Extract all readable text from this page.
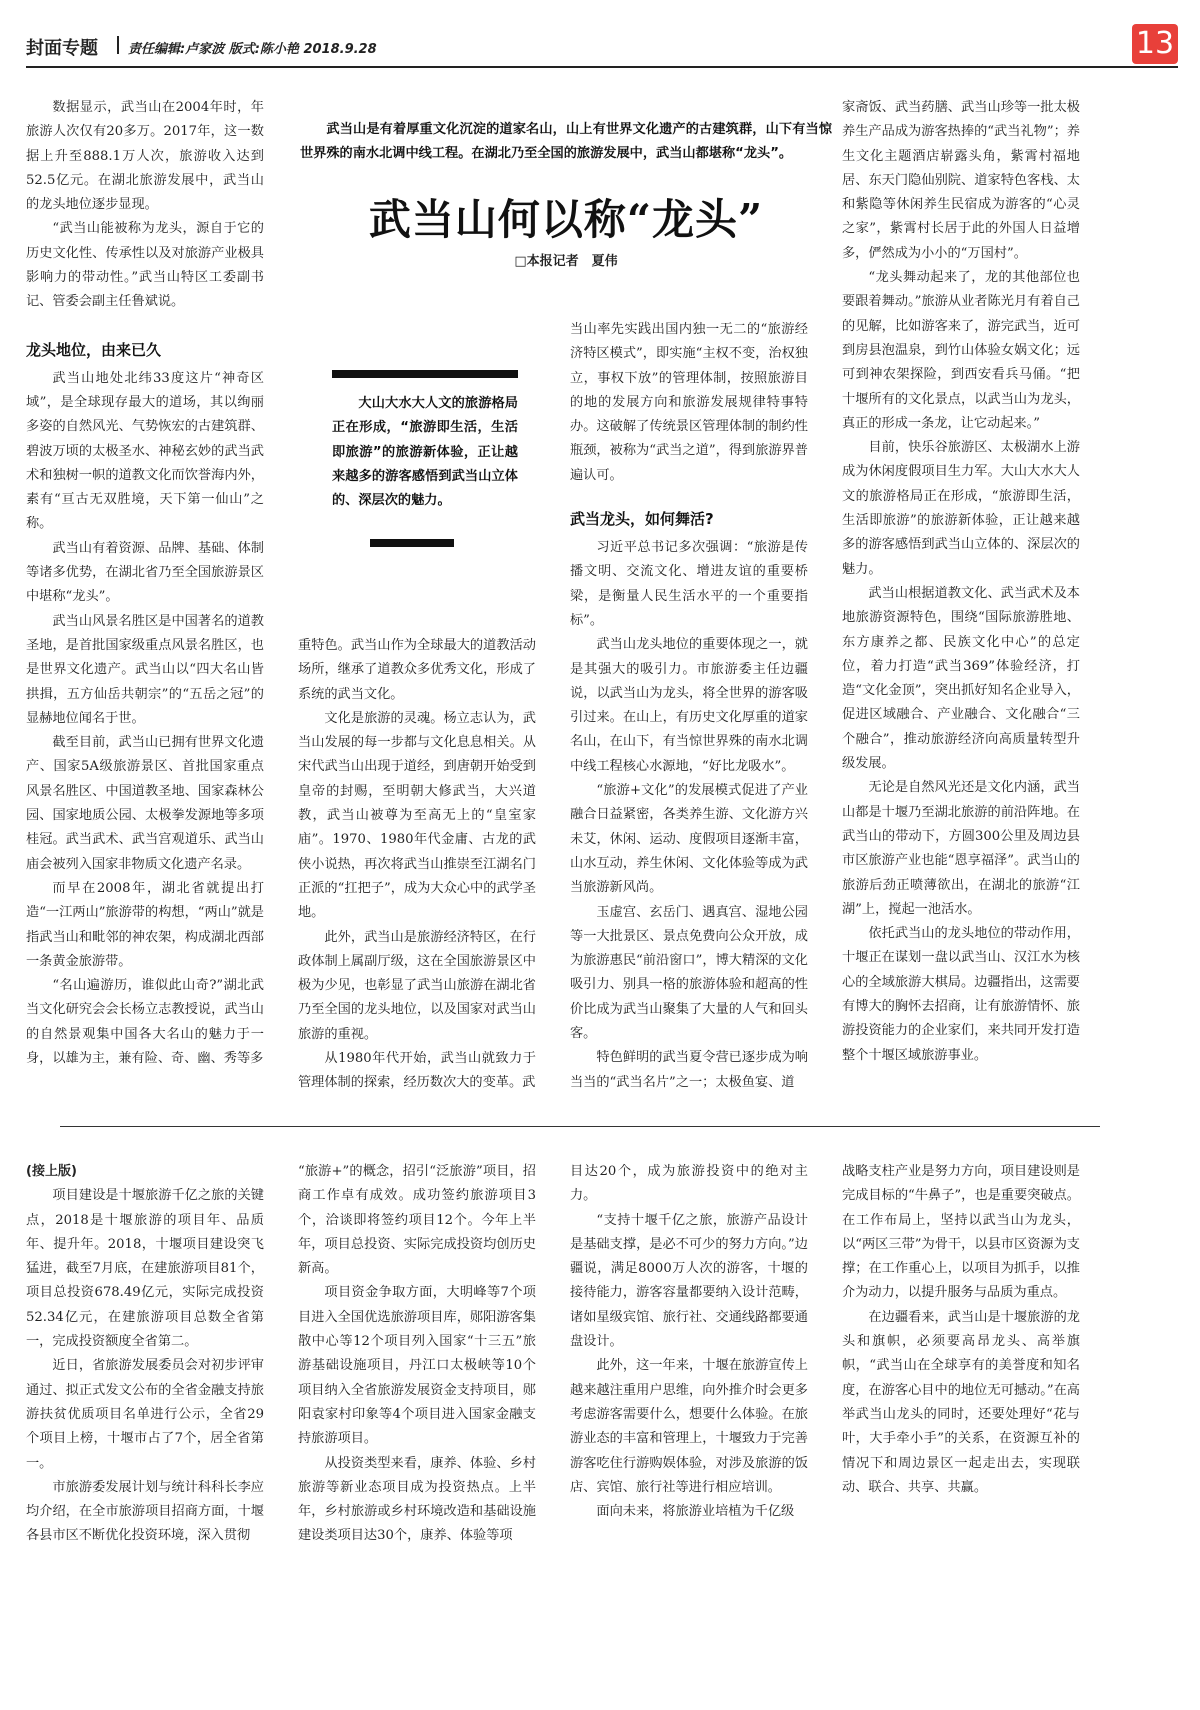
封面专题 责任编辑:卢家波 版式:陈小艳 2018.9.28	13

数据显示，武当山在2004年时，年旅游人次仅有20多万。2017年，这一数据上升至888.1万人次，旅游收入达到52.5亿元。在湖北旅游发展中，武当山的龙头地位逐步显现。

“武当山能被称为龙头，源自于它的历史文化性、传承性以及对旅游产业极具影响力的带动性。”武当山特区工委副书记、管委会副主任鲁斌说。

龙头地位，由来已久

武当山地处北纬33度这片“神奇区域”，是全球现存最大的道场，其以绚丽多姿的自然风光、气势恢宏的古建筑群、碧波万顷的太极圣水、神秘玄妙的武当武术和独树一帜的道教文化而饮誉海内外，素有“亘古无双胜境，天下第一仙山”之称。

武当山有着资源、品牌、基础、体制等诸多优势，在湖北省乃至全国旅游景区中堪称“龙头”。

武当山风景名胜区是中国著名的道教圣地，是首批国家级重点风景名胜区，也是世界文化遗产。武当山以“四大名山皆拱揖，五方仙岳共朝宗”的“五岳之冠”的显赫地位闻名于世。

截至目前，武当山已拥有世界文化遗产、国家5A级旅游景区、首批国家重点风景名胜区、中国道教圣地、国家森林公园、国家地质公园、太极拳发源地等多项桂冠。武当武术、武当宫观道乐、武当山庙会被列入国家非物质文化遗产名录。

而早在2008年，湖北省就提出打造“一江两山”旅游带的构想，“两山”就是指武当山和毗邻的神农架，构成湖北西部一条黄金旅游带。

“名山遍游历，谁似此山奇?”湖北武当文化研究会会长杨立志教授说，武当山的自然景观集中国各大名山的魅力于一身，以雄为主，兼有险、奇、幽、秀等多

武当山是有着厚重文化沉淀的道家名山，山上有世界文化遗产的古建筑群，山下有当惊世界殊的南水北调中线工程。在湖北乃至全国的旅游发展中，武当山都堪称“龙头”。

武当山何以称“龙头”
□本报记者　夏伟

大山大水大人文的旅游格局正在形成，“旅游即生活，生活即旅游”的旅游新体验，正让越来越多的游客感悟到武当山立体的、深层次的魅力。

重特色。武当山作为全球最大的道教活动场所，继承了道教众多优秀文化，形成了系统的武当文化。

文化是旅游的灵魂。杨立志认为，武当山发展的每一步都与文化息息相关。从宋代武当山出现于道经，到唐朝开始受到皇帝的封赐，至明朝大修武当，大兴道教，武当山被尊为至高无上的“皇室家庙”。1970、1980年代金庸、古龙的武侠小说热，再次将武当山推崇至江湖名门正派的“扛把子”，成为大众心中的武学圣地。

此外，武当山是旅游经济特区，在行政体制上属副厅级，这在全国旅游景区中极为少见，也彰显了武当山旅游在湖北省乃至全国的龙头地位，以及国家对武当山旅游的重视。

从1980年代开始，武当山就致力于管理体制的探索，经历数次大的变革。武

当山率先实践出国内独一无二的“旅游经济特区模式”，即实施“主权不变，治权独立，事权下放”的管理体制，按照旅游目的地的发展方向和旅游发展规律特事特办。这破解了传统景区管理体制的制约性瓶颈，被称为“武当之道”，得到旅游界普遍认可。

武当龙头，如何舞活?

习近平总书记多次强调：“旅游是传播文明、交流文化、增进友谊的重要桥梁，是衡量人民生活水平的一个重要指标”。

武当山龙头地位的重要体现之一，就是其强大的吸引力。市旅游委主任边疆说，以武当山为龙头，将全世界的游客吸引过来。在山上，有历史文化厚重的道家名山，在山下，有当惊世界殊的南水北调中线工程核心水源地，“好比龙吸水”。

“旅游+文化”的发展模式促进了产业融合日益紧密，各类养生游、文化游方兴未艾，休闲、运动、度假项目逐渐丰富，山水互动，养生休闲、文化体验等成为武当旅游新风尚。

玉虚宫、玄岳门、遇真宫、湿地公园等一大批景区、景点免费向公众开放，成为旅游惠民“前沿窗口”，博大精深的文化吸引力、别具一格的旅游体验和超高的性价比成为武当山聚集了大量的人气和回头客。

特色鲜明的武当夏令营已逐步成为响当当的“武当名片”之一；太极鱼宴、道

家斋饭、武当药膳、武当山珍等一批太极养生产品成为游客热捧的“武当礼物”；养生文化主题酒店崭露头角，紫霄村福地居、东天门隐仙别院、道家特色客栈、太和紫隐等休闲养生民宿成为游客的“心灵之家”，紫霄村长居于此的外国人日益增多，俨然成为小小的“万国村”。

“龙头舞动起来了，龙的其他部位也要跟着舞动。”旅游从业者陈光月有着自己的见解，比如游客来了，游完武当，近可到房县泡温泉，到竹山体验女娲文化；远可到神农架探险，到西安看兵马俑。“把十堰所有的文化景点，以武当山为龙头，真正的形成一条龙，让它动起来。”

目前，快乐谷旅游区、太极湖水上游成为休闲度假项目生力军。大山大水大人文的旅游格局正在形成，“旅游即生活，生活即旅游”的旅游新体验，正让越来越多的游客感悟到武当山立体的、深层次的魅力。

武当山根据道教文化、武当武术及本地旅游资源特色，围绕“国际旅游胜地、东方康养之都、民族文化中心”的总定位，着力打造“武当369”体验经济，打造“文化金顶”，突出抓好知名企业导入，促进区域融合、产业融合、文化融合“三个融合”，推动旅游经济向高质量转型升级发展。

无论是自然风光还是文化内涵，武当山都是十堰乃至湖北旅游的前沿阵地。在武当山的带动下，方圆300公里及周边县市区旅游产业也能“恩享福泽”。武当山的旅游后劲正喷薄欲出，在湖北的旅游“江湖”上，搅起一池活水。

依托武当山的龙头地位的带动作用，十堰正在谋划一盘以武当山、汉江水为核心的全域旅游大棋局。边疆指出，这需要有博大的胸怀去招商，让有旅游情怀、旅游投资能力的企业家们，来共同开发打造整个十堰区域旅游事业。

(接上版)

项目建设是十堰旅游千亿之旅的关键点，2018是十堰旅游的项目年、品质年、提升年。2018，十堰项目建设突飞猛进，截至7月底，在建旅游项目81个，项目总投资678.49亿元，实际完成投资52.34亿元，在建旅游项目总数全省第一，完成投资额度全省第二。

近日，省旅游发展委员会对初步评审通过、拟正式发文公布的全省金融支持旅游扶贫优质项目名单进行公示，全省29个项目上榜，十堰市占了7个，居全省第一。

市旅游委发展计划与统计科科长李应均介绍，在全市旅游项目招商方面，十堰各县市区不断优化投资环境，深入贯彻

“旅游+”的概念，招引“泛旅游”项目，招商工作卓有成效。成功签约旅游项目3个，洽谈即将签约项目12个。今年上半年，项目总投资、实际完成投资均创历史新高。

项目资金争取方面，大明峰等7个项目进入全国优选旅游项目库，郧阳游客集散中心等12个项目列入国家“十三五”旅游基础设施项目，丹江口太极峡等10个项目纳入全省旅游发展资金支持项目，郧阳袁家村印象等4个项目进入国家金融支持旅游项目。

从投资类型来看，康养、体验、乡村旅游等新业态项目成为投资热点。上半年，乡村旅游或乡村环境改造和基础设施建设类项目达30个，康养、体验等项

目达20个，成为旅游投资中的绝对主力。

“支持十堰千亿之旅，旅游产品设计是基础支撑，是必不可少的努力方向。”边疆说，满足8000万人次的游客，十堰的接待能力，游客容量都要纳入设计范畴，诸如星级宾馆、旅行社、交通线路都要通盘设计。

此外，这一年来，十堰在旅游宣传上越来越注重用户思维，向外推介时会更多考虑游客需要什么，想要什么体验。在旅游业态的丰富和管理上，十堰致力于完善游客吃住行游购娱体验，对涉及旅游的饭店、宾馆、旅行社等进行相应培训。

面向未来，将旅游业培植为千亿级

战略支柱产业是努力方向，项目建设则是完成目标的“牛鼻子”，也是重要突破点。在工作布局上，坚持以武当山为龙头，以“两区三带”为骨干，以县市区资源为支撑；在工作重心上，以项目为抓手，以推介为动力，以提升服务与品质为重点。

在边疆看来，武当山是十堰旅游的龙头和旗帜，必须要高昂龙头、高举旗帜，“武当山在全球享有的美誉度和知名度，在游客心目中的地位无可撼动。”在高举武当山龙头的同时，还要处理好“花与叶，大手牵小手”的关系，在资源互补的情况下和周边景区一起走出去，实现联动、联合、共享、共赢。
